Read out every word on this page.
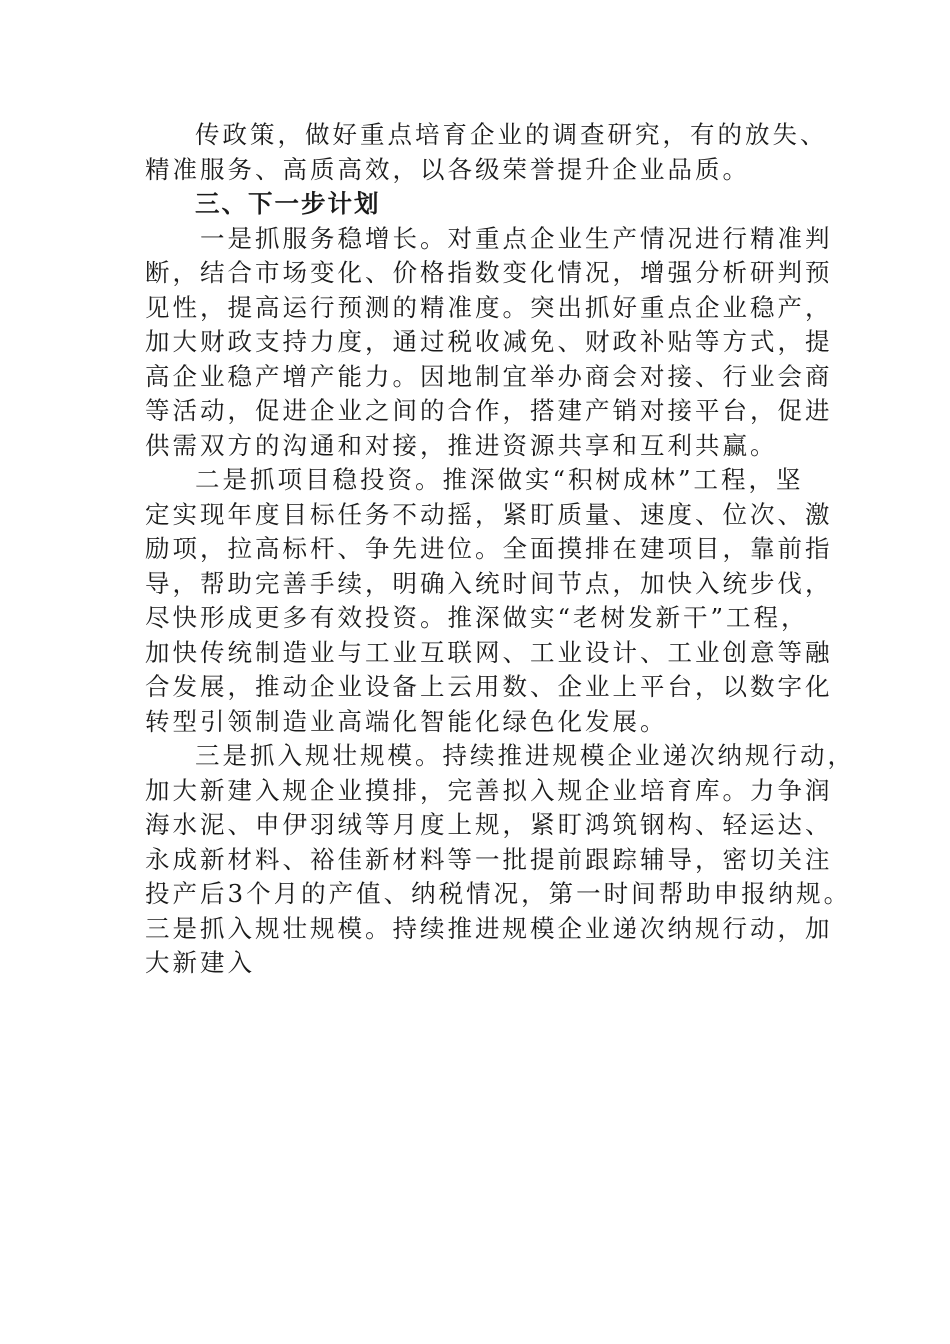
传政策，做好重点培育企业的调查研究，有的放失、
精准服务、高质高效，以各级荣誉提升企业品质。
三、下一步计划
一是抓服务稳增长。对重点企业生产情况进行精准判
断，结合市场变化、价格指数变化情况，增强分析研判预
见性，提高运行预测的精准度。突出抓好重点企业稳产，
加大财政支持力度，通过税收减免、财政补贴等方式，提
高企业稳产增产能力。因地制宜举办商会对接、行业会商
等活动，促进企业之间的合作，搭建产销对接平台，促进
供需双方的沟通和对接，推进资源共享和互利共赢。
二是抓项目稳投资。推深做实“积树成林”工程，坚
定实现年度目标任务不动摇，紧盯质量、速度、位次、激
励项，拉高标杆、争先进位。全面摸排在建项目，靠前指
导，帮助完善手续，明确入统时间节点，加快入统步伐，
尽快形成更多有效投资。推深做实“老树发新干”工程，
加快传统制造业与工业互联网、工业设计、工业创意等融
合发展，推动企业设备上云用数、企业上平台，以数字化
转型引领制造业高端化智能化绿色化发展。
三是抓入规壮规模。持续推进规模企业递次纳规行动，
加大新建入规企业摸排，完善拟入规企业培育库。力争润
海水泥、申伊羽绒等月度上规，紧盯鸿筑钢构、轻运达、
永成新材料、裕佳新材料等一批提前跟踪辅导，密切关注
投产后3个月的产值、纳税情况，第一时间帮助申报纳规。
三是抓入规壮规模。持续推进规模企业递次纳规行动，加
大新建入
